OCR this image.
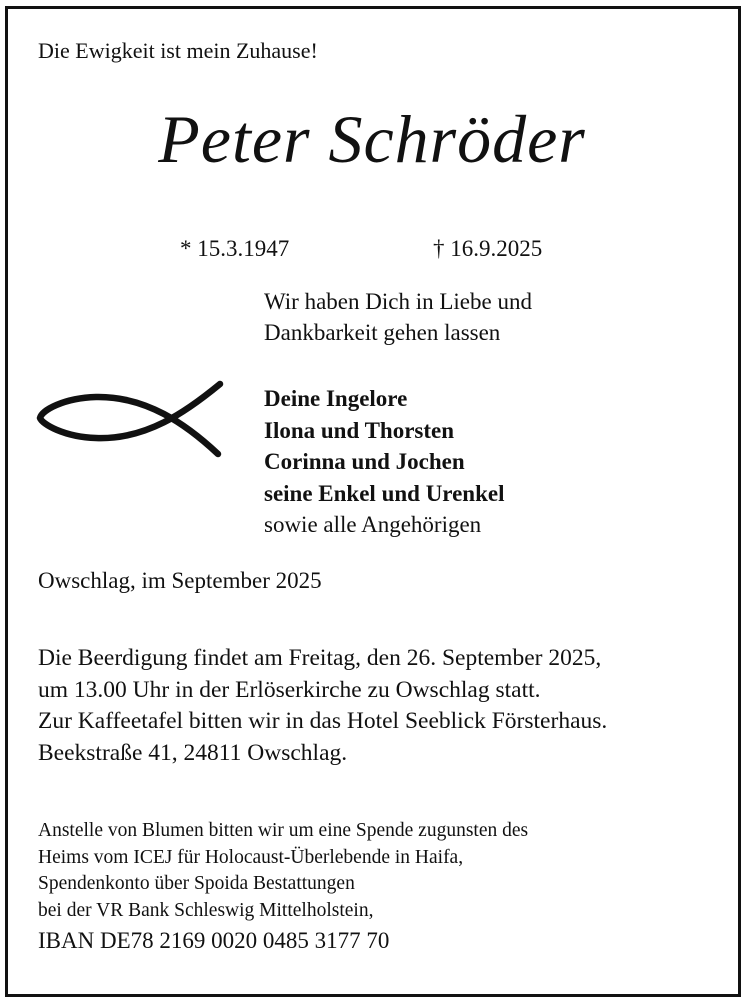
Die Ewigkeit ist mein Zuhause!
Peter Schröder
* 15.3.1947	† 16.9.2025
Wir haben Dich in Liebe und
Dankbarkeit gehen lassen
Deine Ingelore
Ilona und Thorsten
Corinna und Jochen
seine Enkel und Urenkel
sowie alle Angehörigen
Owschlag, im September 2025
Die Beerdigung findet am Freitag, den 26. September 2025,
um 13.00 Uhr in der Erlöserkirche zu Owschlag statt.
Zur Kaffeetafel bitten wir in das Hotel Seeblick Försterhaus.
Beekstraße 41, 24811 Owschlag.
Anstelle von Blumen bitten wir um eine Spende zugunsten des
Heims vom ICEJ für Holocaust-Überlebende in Haifa,
Spendenkonto über Spoida Bestattungen
bei der VR Bank Schleswig Mittelholstein,
IBAN DE78 2169 0020 0485 3177 70
